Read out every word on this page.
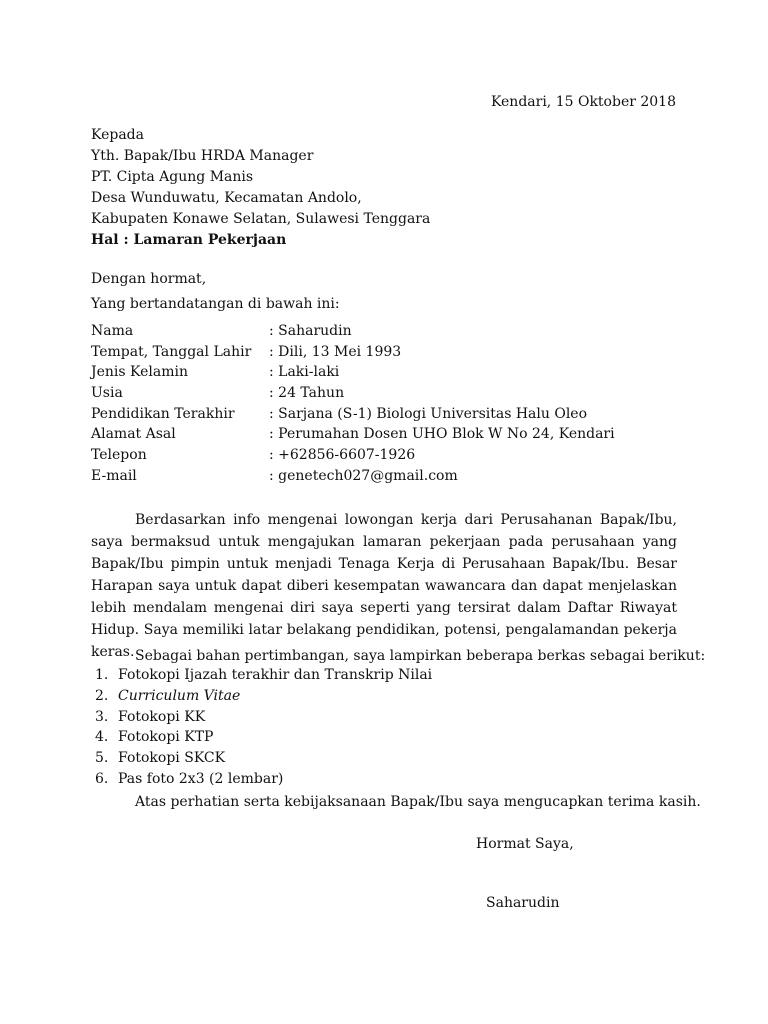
Kendari, 15 Oktober 2018
Kepada
Yth. Bapak/Ibu HRDA Manager
PT. Cipta Agung Manis
Desa Wunduwatu, Kecamatan Andolo,
Kabupaten Konawe Selatan, Sulawesi Tenggara
Hal : Lamaran Pekerjaan
Dengan hormat,
Yang bertandatangan di bawah ini:
Nama	: Saharudin
Tempat, Tanggal Lahir : Dili, 13 Mei 1993
Jenis Kelamin	: Laki-laki
Usia	: 24 Tahun
Pendidikan Terakhir : Sarjana (S-1) Biologi Universitas Halu Oleo
Alamat Asal	: Perumahan Dosen UHO Blok W No 24, Kendari
Telepon	: +62856-6607-1926
E-mail	: genetech027@gmail.com
Berdasarkan info mengenai lowongan kerja dari Perusahanan Bapak/Ibu, saya bermaksud untuk mengajukan lamaran pekerjaan pada perusahaan yang Bapak/Ibu pimpin untuk menjadi Tenaga Kerja di Perusahaan Bapak/Ibu. Besar Harapan saya untuk dapat diberi kesempatan wawancara dan dapat menjelaskan lebih mendalam mengenai diri saya seperti yang tersirat dalam Daftar Riwayat Hidup. Saya memiliki latar belakang pendidikan, potensi, pengalamandan pekerja keras. Sebagai bahan pertimbangan, saya lampirkan beberapa berkas sebagai berikut:
1. Fotokopi Ijazah terakhir dan Transkrip Nilai
2. Curriculum Vitae
3. Fotokopi KK
4. Fotokopi KTP
5. Fotokopi SKCK
6. Pas foto 2x3 (2 lembar)
Atas perhatian serta kebijaksanaan Bapak/Ibu saya mengucapkan terima kasih.
Hormat Saya,
Saharudin
